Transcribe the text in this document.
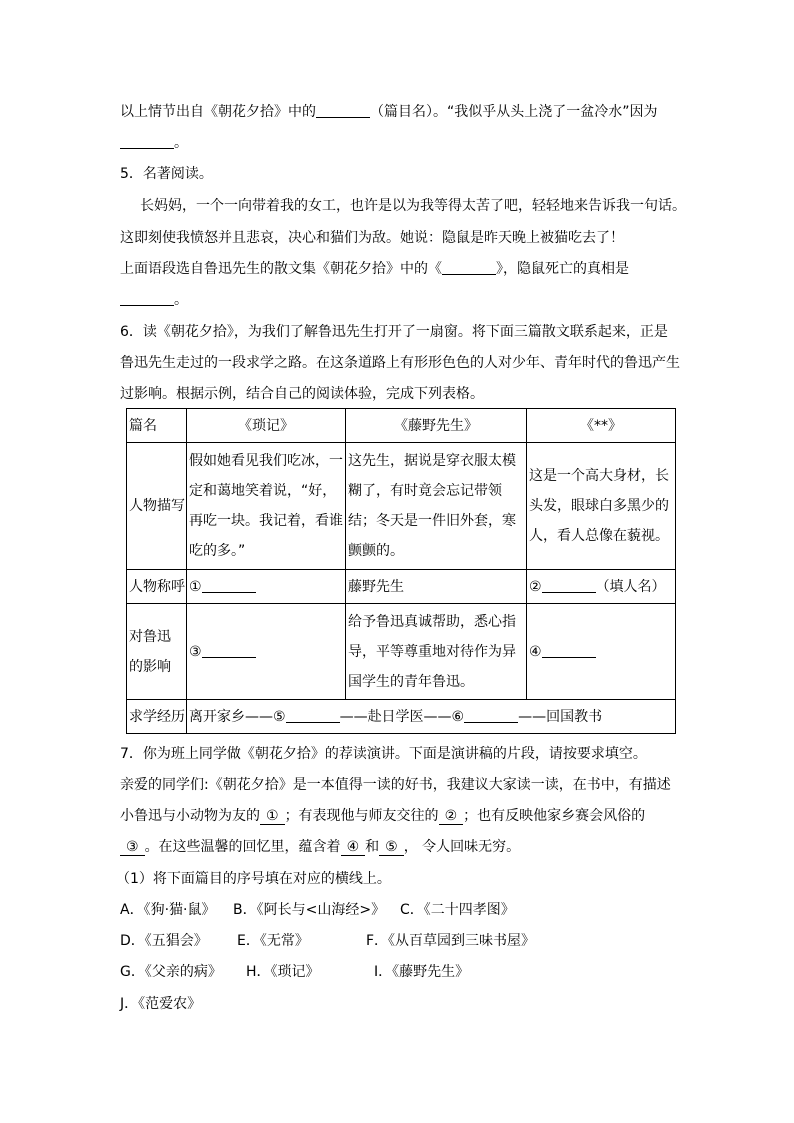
以上情节出自《朝花夕拾》中的	（篇目名）。“我似乎从头上浇了一盆冷水”因为
。
5．名著阅读。
长妈妈，一个一向带着我的女工，也许是以为我等得太苦了吧，轻轻地来告诉我一句话。
这即刻使我愤怒并且悲哀，决心和猫们为敌。她说：隐鼠是昨天晚上被猫吃去了！
上面语段选自鲁迅先生的散文集《朝花夕拾》中的《	》，隐鼠死亡的真相是
。
6．读《朝花夕拾》，为我们了解鲁迅先生打开了一扇窗。将下面三篇散文联系起来，正是
鲁迅先生走过的一段求学之路。在这条道路上有形形色色的人对少年、青年时代的鲁迅产生
过影响。根据示例，结合自己的阅读体验，完成下列表格。
篇名	《琐记》	《藤野先生》	《**》
人物描写	假如她看见我们吃冰，一定和蔼地笑着说，“好，再吃一块。我记着，看谁吃的多。”	这先生，据说是穿衣服太模糊了，有时竟会忘记带领结；冬天是一件旧外套，寒颤颤的。	这是一个高大身材，长头发，眼球白多黑少的人，看人总像在藐视。
人物称呼	①	藤野先生	② （填人名）
对鲁迅的影响	③	给予鲁迅真诚帮助，悉心指导，平等尊重地对待作为异国学生的青年鲁迅。	④
求学经历	离开家乡——⑤ ——赴日学医——⑥ ——回国教书		
7．你为班上同学做《朝花夕拾》的荐读演讲。下面是演讲稿的片段，请按要求填空。
亲爱的同学们:《朝花夕拾》是一本值得一读的好书，我建议大家读一读，在书中，有描述
小鲁迅与小动物为友的 ① ；有表现他与师友交往的 ② ；也有反映他家乡赛会风俗的
③ 。在这些温馨的回忆里，蕴含着 ④ 和 ⑤ ， 令人回味无穷。
（1）将下面篇目的序号填在对应的横线上。
A．《狗·猫·鼠》 B．《阿长与<山海经>》 C．《二十四孝图》
D．《五猖会》 E．《无常》	F．《从百草园到三味书屋》
G．《父亲的病》 H．《琐记》	I．《藤野先生》
J．《范爱农》
